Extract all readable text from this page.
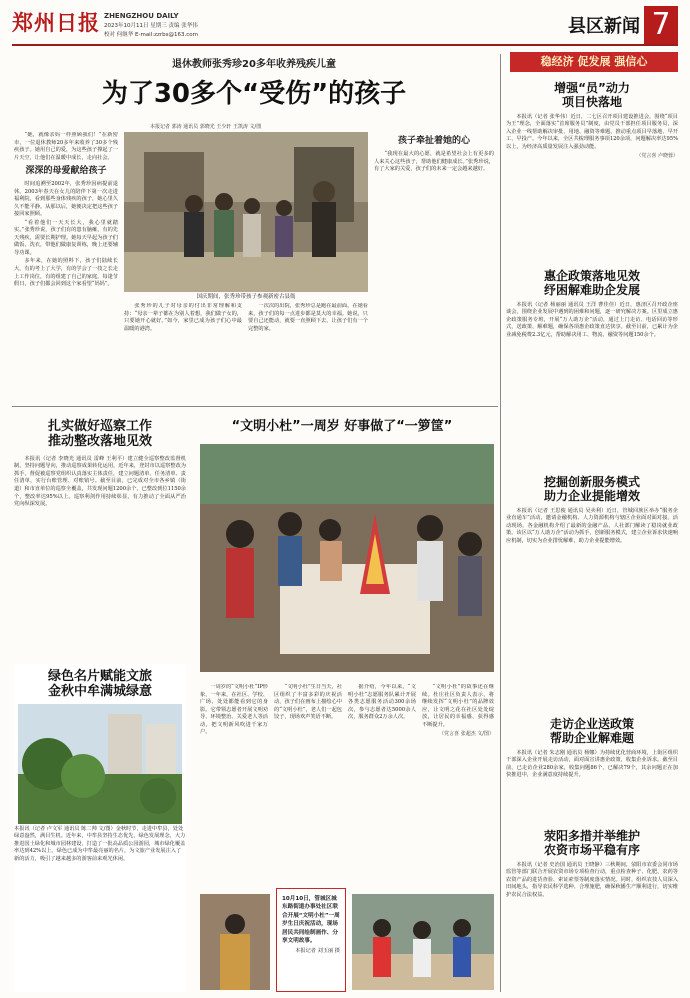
郑州日报 ZHENGZHOU DAILY
2023年10月11日 星期三 责编 张华伟
校对 何继华 E-mail:zzrbs@163.com	县区新闻 7
稳经济 促发展 强信心
退休教师张秀珍20多年收养残疾儿童
为了30多个“受伤”的孩子
本报记者 郭涛 通讯员 郭晓光 王少轩 王凯涛 文/图

“她，就像亲妈一样照顾我们！”在新密市，一位退休教师20多年来收养了30多个残疾孩子。她用自己的爱，为这些孩子撑起了一片天空，让他们在温暖中成长，走向社会。

深深的母爱献给孩子

时间追溯至2002年，张秀珍因病提前退休。2003年春天在女儿的陪伴下第一次走进福利院，看到那些身体残疾的孩子，她心里久久不能平静。从那以后，她便决定把这些孩子接回家照顾。

“看着他们一天天长大，我心里就踏实。”张秀珍说，孩子们有的患有脑瘫，有的先天残疾，需要长期护理。她每天早起为孩子们做饭、洗衣，带他们做康复训练，晚上还要辅导功课。

多年来，在她的照料下，孩子们陆续长大，有的考上了大学，有的学会了一技之长走上工作岗位，有的组建了自己的家庭。每逢节假日，孩子们都会回到这个家看望“妈妈”。

国庆期间，张秀珍带孩子参观新密古县衙

张秀珍的儿子对母亲的付出非常理解和支持：“母亲一辈子都在为别人着想，我们做子女的，只要她开心就好。”如今，家里已成为孩子们心中最温暖的港湾。

一次次的出院，张秀珍总是跑在最前面。在她看来，孩子们的每一点进步都是莫大的幸福。她说，只要自己还能动，就要一直照顾下去，让孩子们有一个完整的家。

孩子牵扯着她的心

“我现在最大的心愿，就是希望社会上有更多的人来关心这些孩子，帮助他们健康成长。”张秀珍说，有了大家的关爱，孩子们的未来一定会越来越好。

增强“员”动力
项目快落地

本报讯（记者 张华伟）近日，二七区召开项目建设推进会，围绕“项目为王”理念，全面落实“首席服务员”制度，由党员干部担任项目服务员，深入企业一线帮助解决审批、用地、融资等难题，推动重点项目早落地、早开工、早投产。今年以来，全区共梳理服务事项120余项，问题解决率达95%以上，为经济高质量发展注入强劲动能。

（党言喜 卢晓蓉）
惠企政策落地见效
纾困解难助企发展

本报讯（记者 杨丽丽 通讯员 王洋 曹佳佳）近日，惠济区召开政企座谈会，围绕企业发展中遇到的困难和问题，逐一研究解决方案。区里成立惠企政策服务专班，开展“万人助万企”活动，通过上门走访、电话回访等形式，送政策、解难题，确保各项惠企政策直达快享。截至目前，已累计为企业减免税费2.3亿元，帮助解决用工、物流、融资等问题150余个。

挖掘创新服务模式
助力企业提能增效

本报讯（记者 王思俊 通讯员 吴卖利）近日，管城回族区举办“服务企业直通车”活动，邀请金融机构、人力资源机构与辖区企业面对面对接。活动现场，各金融机构介绍了最新的金融产品，人社部门解读了稳岗就业政策。该区以“万人助万企”活动为抓手，创新服务模式，建立企业诉求快速响应机制，切实为企业排忧解难，助力企业提能增效。

走访企业送政策
帮助企业解难题

本报讯（记者 朱志刚 通讯员 杨娜）为持续优化营商环境，上街区组织干部深入企业开展走访活动，面对面宣讲惠企政策，收集企业诉求。截至目前，已走访企业280余家，收集问题86个，已解决79个，其余问题正在加快推进中，企业满意度持续提升。

荥阳多措并举维护
农资市场平稳有序

本报讯（记者 史治国 通讯员 王晓静）三秋期间，荥阳市农委会同市场监管等部门联合开展农资市场专项检查行动，重点检查种子、化肥、农药等农资产品的进货查验、索证索票等制度落实情况。同时，组织农技人员深入田间地头，指导农民科学选种、合理施肥，确保秋播生产顺利进行，切实维护农民合法权益。

扎实做好巡察工作
推动整改落地见效

本报讯（记者 李晓光 通讯员 雷峰 王利平）建立健全巡察整改监督机制，坚持问题导向，推动巡察成果转化运用。近年来，登封市以巡察整改为抓手，督促被巡察党组织认真落实主体责任，建立问题清单、任务清单、责任清单，实行台账管理、对账销号。截至目前，已完成对全市各乡镇（街道）和市直单位的巡察全覆盖，共发现问题1200余个，已整改到位1150余个，整改率达95%以上。巡察利剑作用持续彰显，有力推动了全面从严治党向纵深发展。

绿色名片赋能文旅
金秋中牟满城绿意

本报讯（记者 卢文军 通讯员 陈二帅 文/图）金秋时节，走进中牟县，处处绿意盎然，满目生机。近年来，中牟县坚持生态优先、绿色发展理念，大力推进国土绿化和城市园林建设，打造了一批高品质公园游园，城市绿化覆盖率达到42%以上。绿色已成为中牟最亮丽的名片，为文旅产业发展注入了新的活力，吸引了越来越多的游客前来观光休闲。

“文明小杜”一周岁 好事做了“一箩筐”

一周岁的“文明小杜”IP形象，一年来，在社区、学校、广场，处处都能看到它的身影。它带领志愿者开展文明劝导、环境整治、关爱老人等活动，把文明新风吹进千家万户。

“文明小杜”生日当天，社区组织了丰富多彩的庆祝活动，孩子们在画布上描绘心中的“文明小杜”，老人们一起包饺子，现场欢声笑语不断。

据介绍，今年以来，“文明小杜”志愿服务队累计开展各类志愿服务活动300余场次，参与志愿者达5000余人次，服务群众2万余人次。

“文明小杜”的故事还在继续。杜庄社区负责人表示，将继续发挥“文明小杜”的品牌效应，让文明之花在社区处处绽放，让居民的幸福感、获得感不断提升。

（党言喜 张超杰 文/图）

10月10日，管城区城东路街道办事处社区联合开展“文明小杜”一周岁生日庆祝活动，现场居民共同绘制画作、分享文明故事。

本报记者 刘玉丽 摄
